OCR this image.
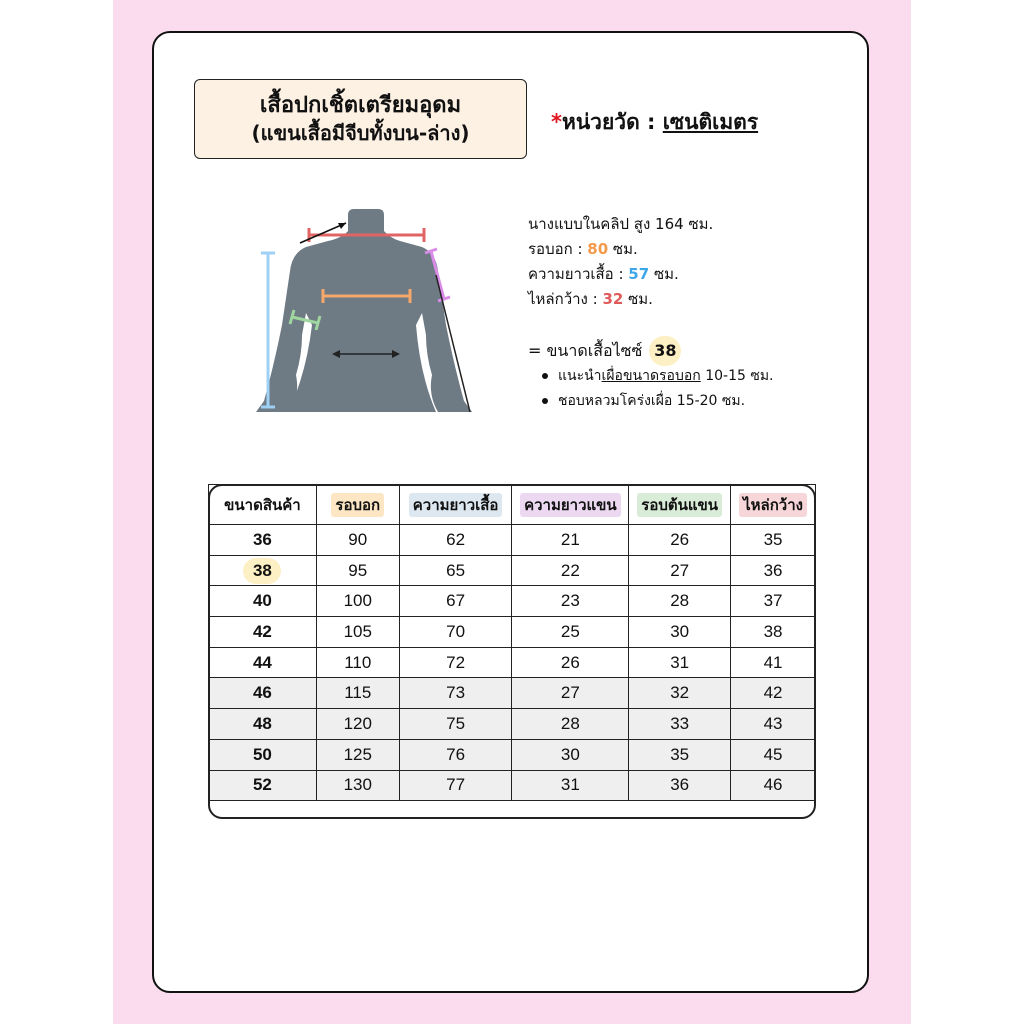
เสื้อปกเชิ้ตเตรียมอุดม
(แขนเสื้อมีจีบทั้งบน-ล่าง)	*หน่วยวัด : เซนติเมตร
นางแบบในคลิป สูง 164 ซม.
รอบอก : 80 ซม.
ความยาวเสื้อ : 57 ซม.
ไหล่กว้าง : 32 ซม.
= ขนาดเสื้อไซซ์ 38
แนะนำเผื่อขนาดรอบอก 10-15 ซม.
ชอบหลวมโคร่งเผื่อ 15-20 ซม.
ขนาดสินค้า	รอบอก	ความยาวเสื้อ	ความยาวแขน	รอบต้นแขน	ไหล่กว้าง
36	90	62	21	26	35
38	95	65	22	27	36
40	100	67	23	28	37
42	105	70	25	30	38
44	110	72	26	31	41
46	115	73	27	32	42
48	120	75	28	33	43
50	125	76	30	35	45
52	130	77	31	36	46
